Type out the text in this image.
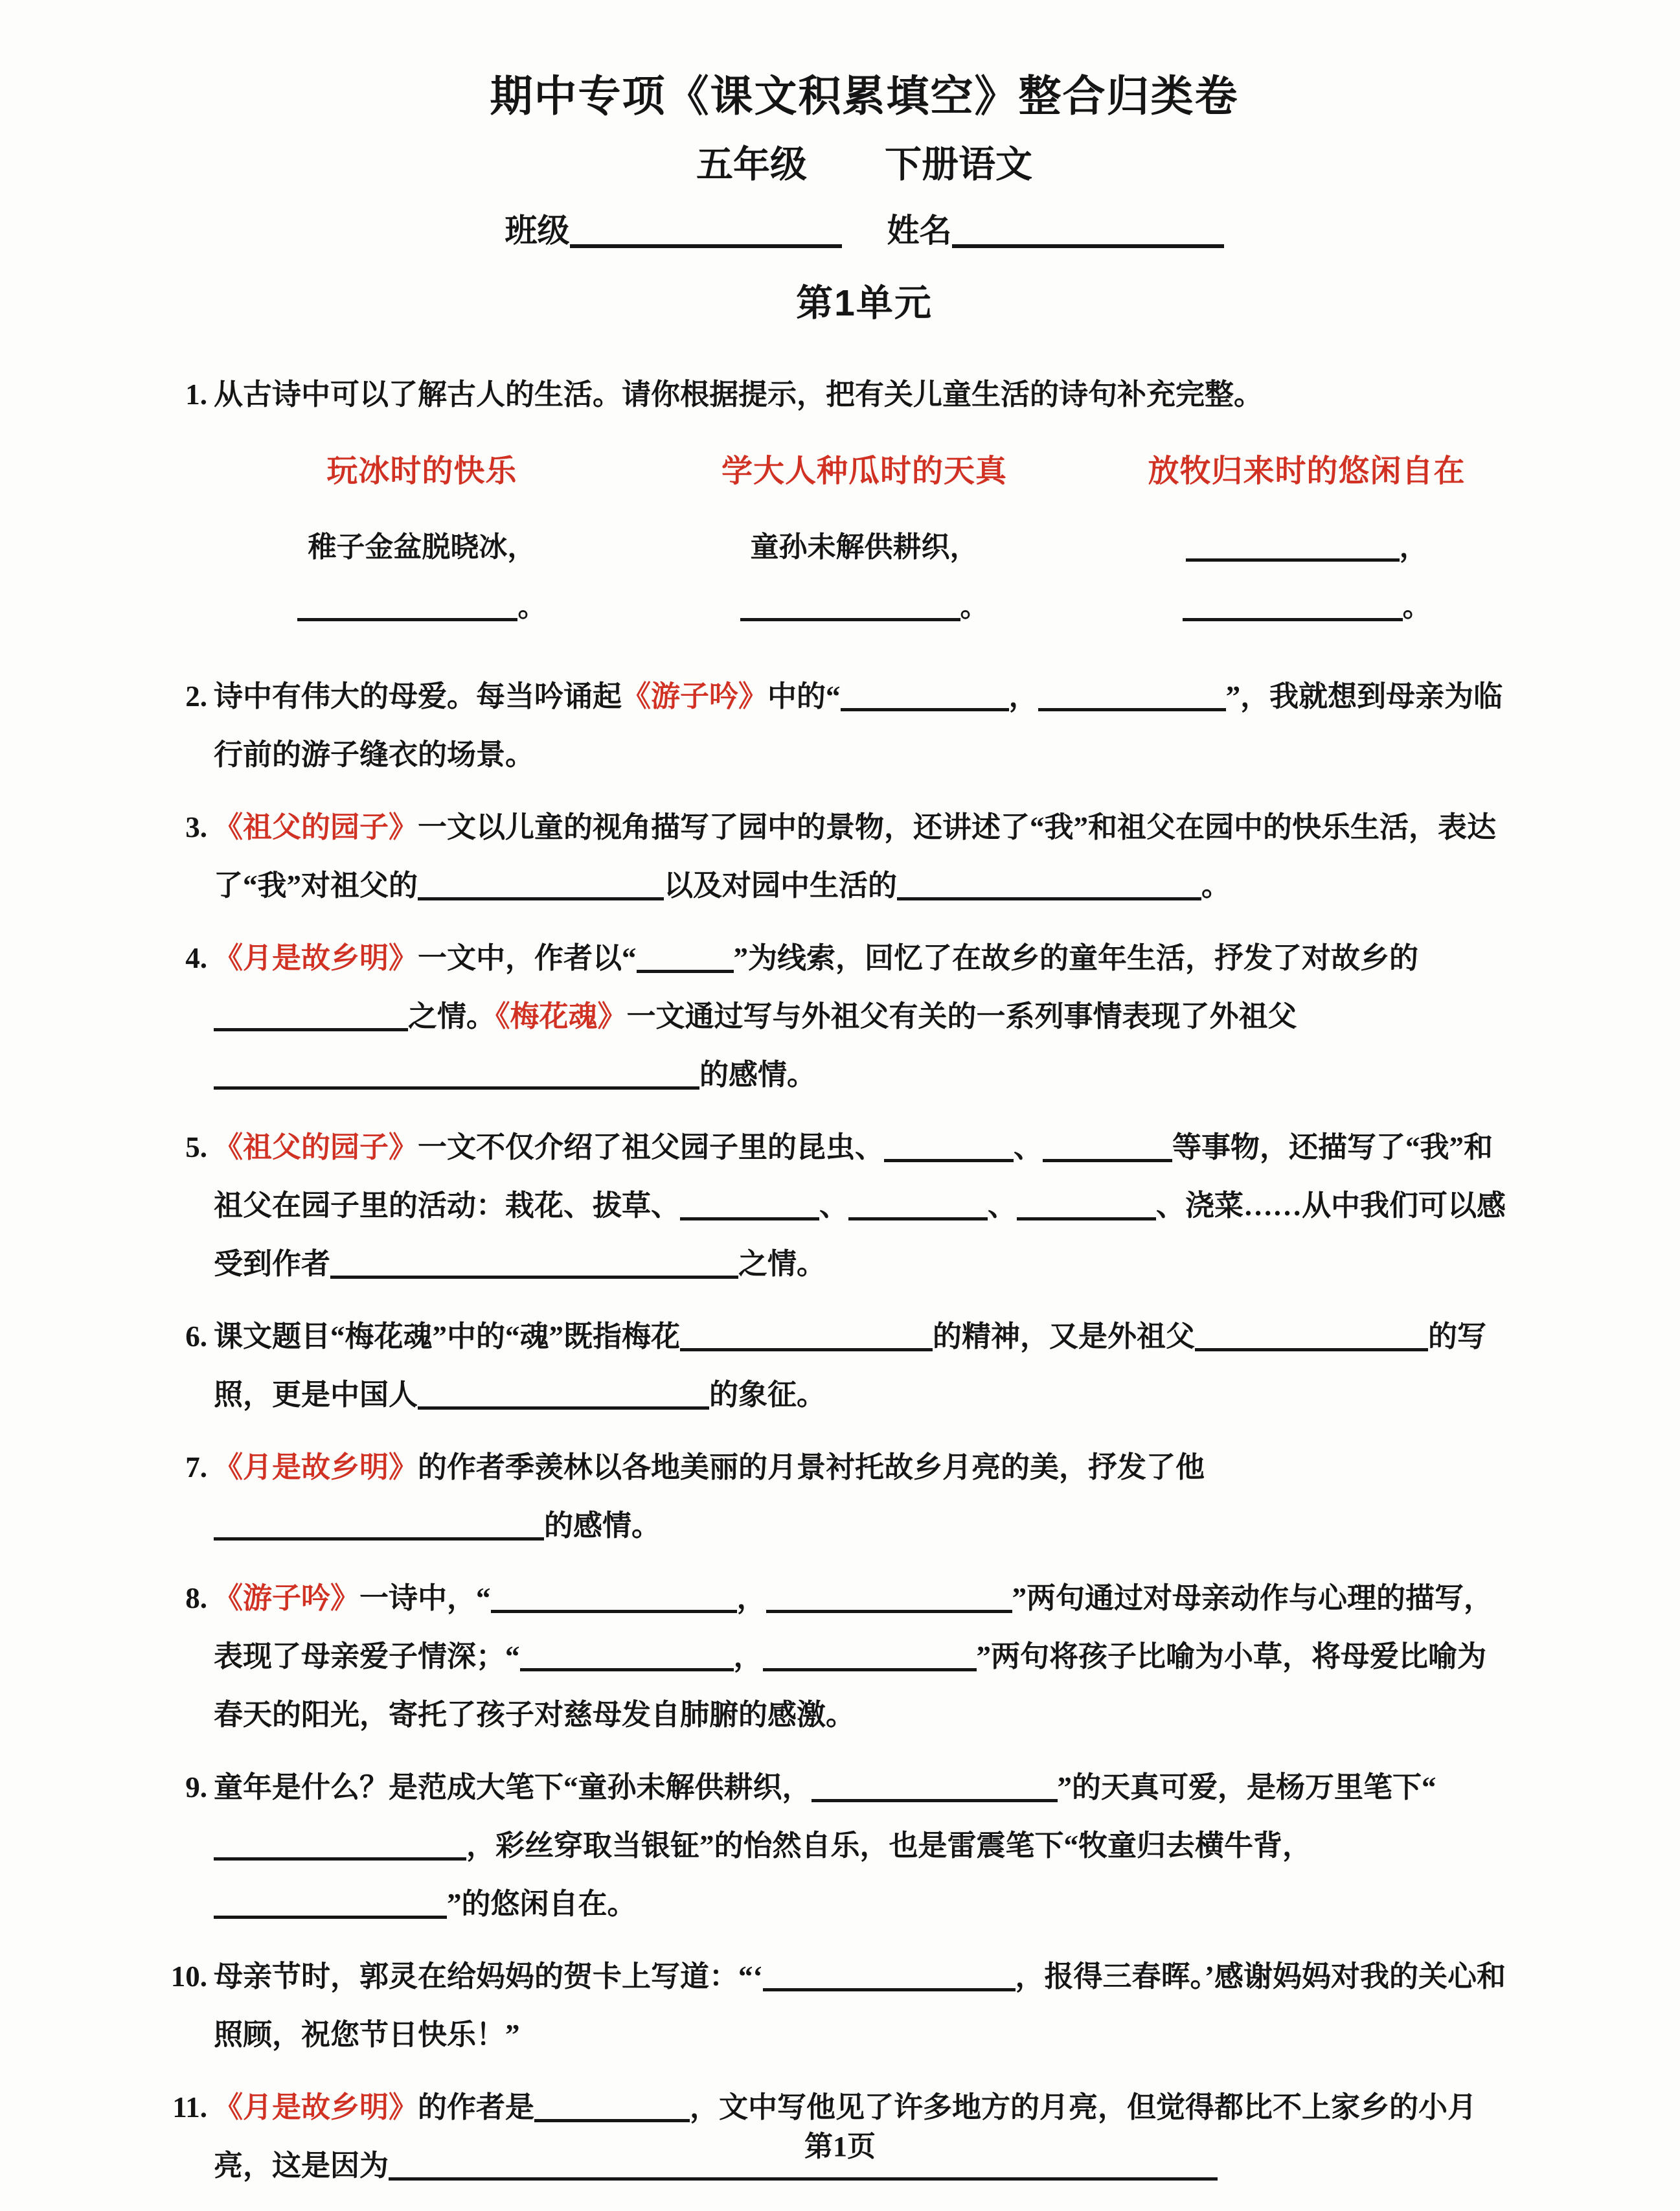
期中专项《课文积累填空》整合归类卷
五年级 下册语文
班级	姓名
第1单元
1. 从古诗中可以了解古人的生活。请你根据提示，把有关儿童生活的诗句补充完整。
玩冰时的快乐
稚子金盆脱晓冰，
。
学大人种瓜时的天真
童孙未解供耕织，
。
放牧归来时的悠闲自在
，
。
2. 诗中有伟大的母爱。每当吟诵起《游子吟》中的“	，	”，我就想到母亲为临行前的游子缝衣的场景。
3. 《祖父的园子》一文以儿童的视角描写了园中的景物，还讲述了“我”和祖父在园中的快乐生活，表达了“我”对祖父的	以及对园中生活的	。
4. 《月是故乡明》一文中，作者以“	”为线索，回忆了在故乡的童年生活，抒发了对故乡的之情。《梅花魂》一文通过写与外祖父有关的一系列事情表现了外祖父的感情。
5. 《祖父的园子》一文不仅介绍了祖父园子里的昆虫、	、	等事物，还描写了“我”和祖父在园子里的活动：栽花、拔草、	、	、	、浇菜……从中我们可以感受到作者	之情。
6. 课文题目“梅花魂”中的“魂”既指梅花	的精神，又是外祖父	的写照，更是中国人	的象征。
7. 《月是故乡明》的作者季羡林以各地美丽的月景衬托故乡月亮的美，抒发了他的感情。
8. 《游子吟》一诗中，“	，	”两句通过对母亲动作与心理的描写，表现了母亲爱子情深；“	，	”两句将孩子比喻为小草，将母爱比喻为春天的阳光，寄托了孩子对慈母发自肺腑的感激。
9. 童年是什么？是范成大笔下“童孙未解供耕织，	”的天真可爱，是杨万里笔下“，彩丝穿取当银钲”的怡然自乐，也是雷震笔下“牧童归去横牛背，”的悠闲自在。
10. 母亲节时，郭灵在给妈妈的贺卡上写道：“‘	，报得三春晖。’感谢妈妈对我的关心和照顾，祝您节日快乐！”
11. 《月是故乡明》的作者是	，文中写他见了许多地方的月亮，但觉得都比不上家乡的小月亮，这是因为
第1页
